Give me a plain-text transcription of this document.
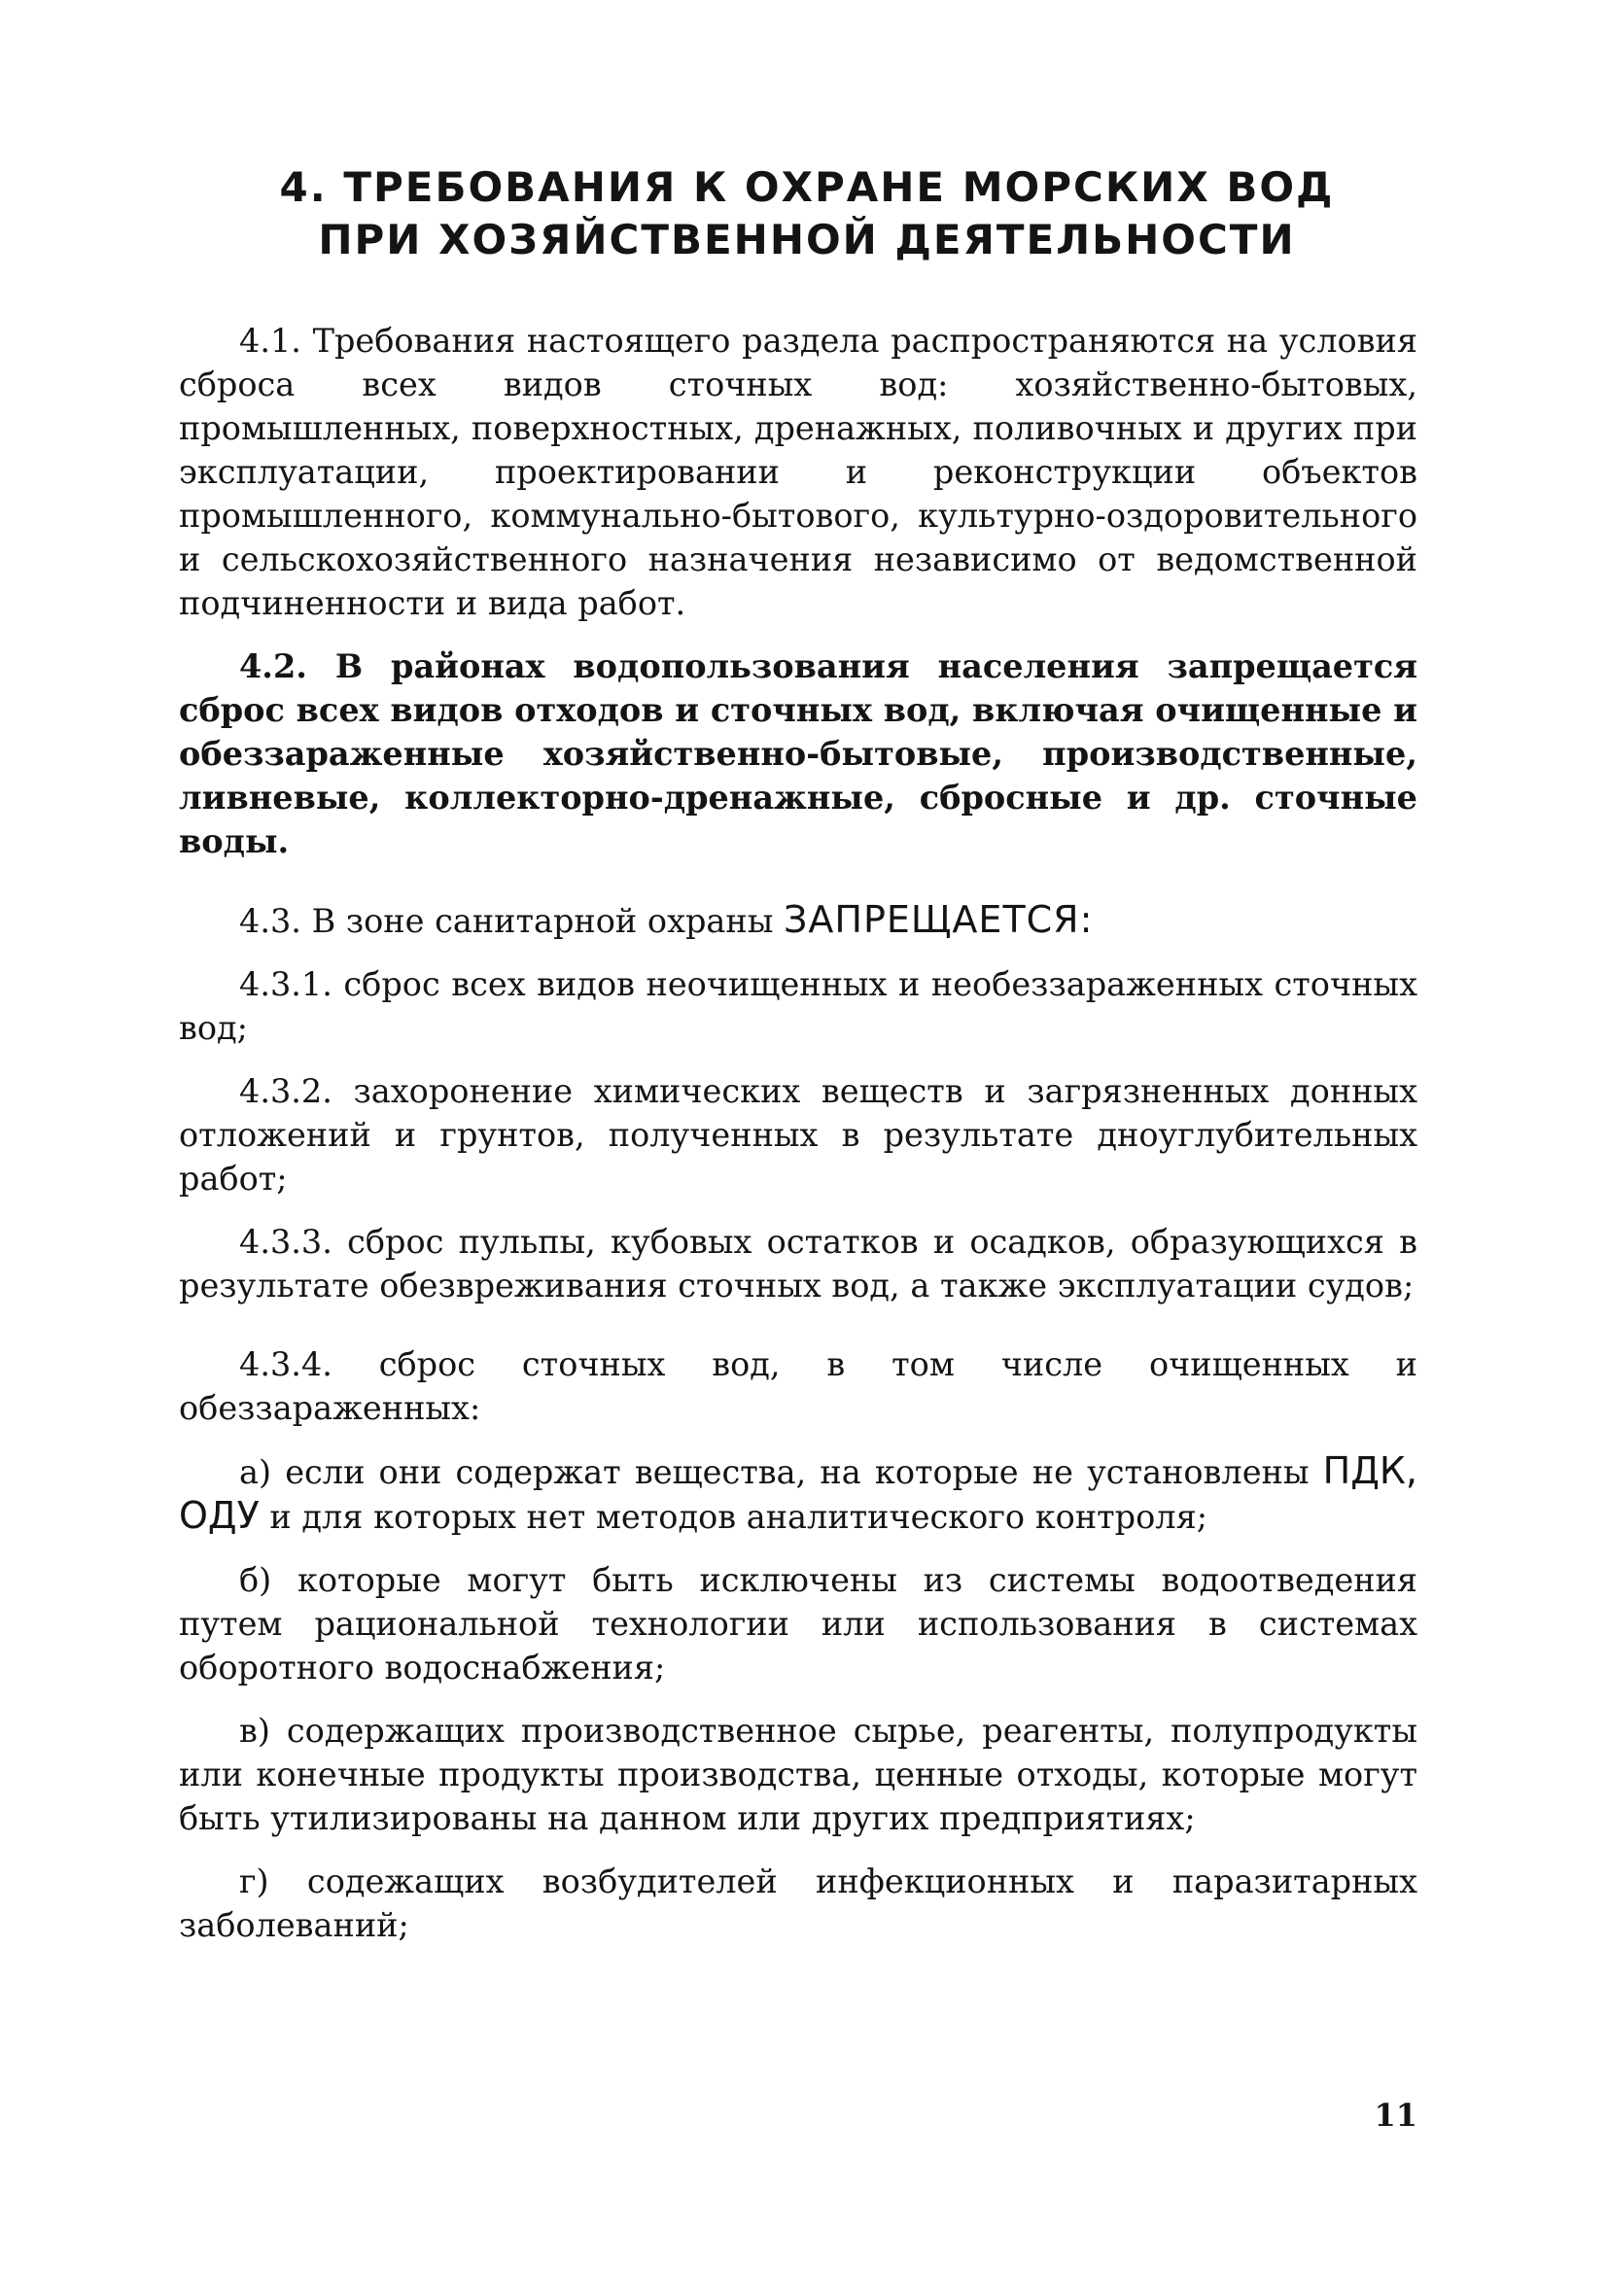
4. ТРЕБОВАНИЯ К ОХРАНЕ МОРСКИХ ВОД
ПРИ ХОЗЯЙСТВЕННОЙ ДЕЯТЕЛЬНОСТИ

4.1. Требования настоящего раздела распространяются на условия сброса всех видов сточных вод: хозяйственно-бытовых, промышленных, поверхностных, дренажных, поливочных и других при эксплуатации, проектировании и реконструкции объектов промышленного, коммунально-бытового, культурно-оздоровительного и сельскохозяйственного назначения независимо от ведомственной подчиненности и вида работ.

4.2. В районах водопользования населения запрещается сброс всех видов отходов и сточных вод, включая очищенные и обеззараженные хозяйственно-бытовые, производственные, ливневые, коллекторно-дренажные, сбросные и др. сточные воды.

4.3. В зоне санитарной охраны ЗАПРЕЩАЕТСЯ:

4.3.1. сброс всех видов неочищенных и необеззараженных сточных вод;

4.3.2. захоронение химических веществ и загрязненных донных отложений и грунтов, полученных в результате дноуглубительных работ;

4.3.3. сброс пульпы, кубовых остатков и осадков, образующихся в результате обезвреживания сточных вод, а также эксплуатации судов;

4.3.4. сброс сточных вод, в том числе очищенных и обеззараженных:

а) если они содержат вещества, на которые не установлены ПДК, ОДУ и для которых нет методов аналитического контроля;

б) которые могут быть исключены из системы водоотведения путем рациональной технологии или использования в системах оборотного водоснабжения;

в) содержащих производственное сырье, реагенты, полупродукты или конечные продукты производства, ценные отходы, которые могут быть утилизированы на данном или других предприятиях;

г) содежащих возбудителей инфекционных и паразитарных заболеваний;

11
